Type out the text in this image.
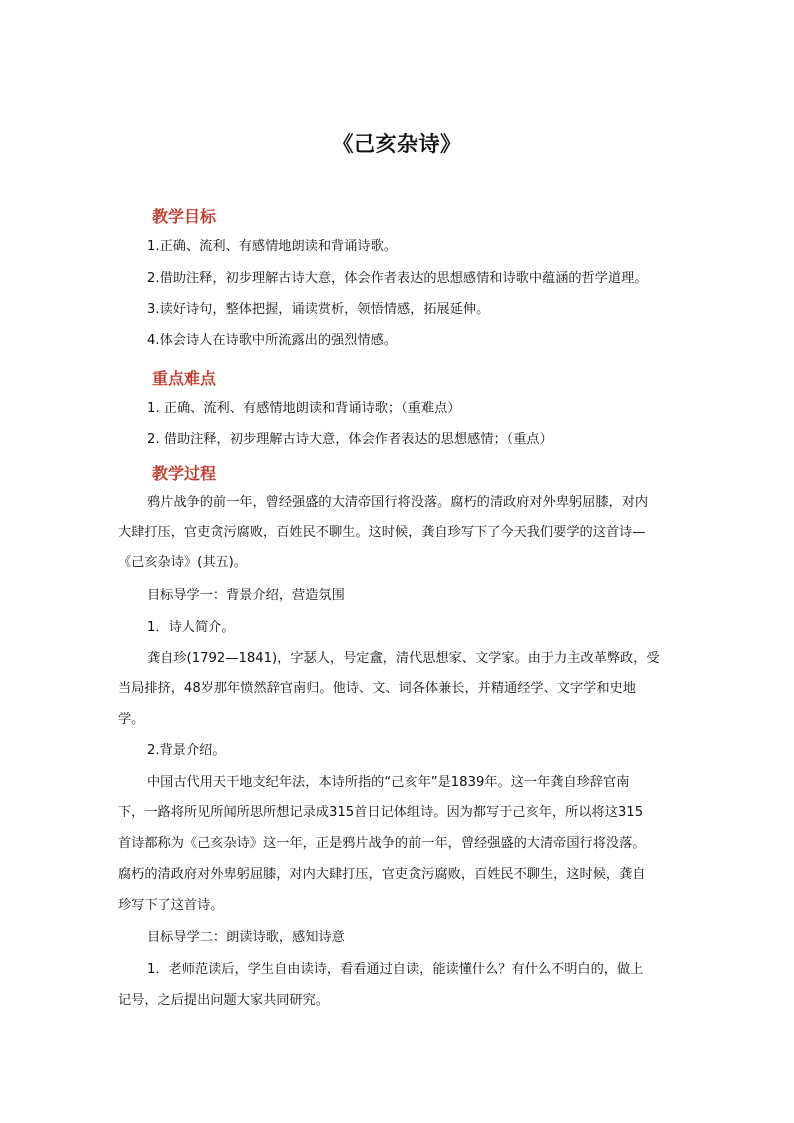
《己亥杂诗》
教学目标
1.正确、流利、有感情地朗读和背诵诗歌。
2.借助注释，初步理解古诗大意，体会作者表达的思想感情和诗歌中蕴涵的哲学道理。
3.读好诗句，整体把握，诵读赏析，领悟情感，拓展延伸。
4.体会诗人在诗歌中所流露出的强烈情感。
重点难点
1. 正确、流利、有感情地朗读和背诵诗歌；（重难点）
2. 借助注释，初步理解古诗大意，体会作者表达的思想感情；（重点）
教学过程
鸦片战争的前一年，曾经强盛的大清帝国行将没落。腐朽的清政府对外卑躬屈膝，对内
大肆打压，官吏贪污腐败，百姓民不聊生。这时候，龚自珍写下了今天我们要学的这首诗—
《己亥杂诗》(其五)。
目标导学一：背景介绍，营造氛围
1．诗人简介。
龚自珍(1792—1841)，字瑟人，号定盦，清代思想家、文学家。由于力主改革弊政，受
当局排挤，48岁那年愤然辞官南归。他诗、文、词各体兼长，并精通经学、文字学和史地
学。
2.背景介绍。
中国古代用天干地支纪年法，本诗所指的“己亥年”是1839年。这一年龚自珍辞官南
下，一路将所见所闻所思所想记录成315首日记体组诗。因为都写于己亥年，所以将这315
首诗都称为《己亥杂诗》这一年，正是鸦片战争的前一年，曾经强盛的大清帝国行将没落。
腐朽的清政府对外卑躬屈膝，对内大肆打压，官吏贪污腐败，百姓民不聊生，这时候，龚自
珍写下了这首诗。
目标导学二：朗读诗歌，感知诗意
1．老师范读后，学生自由读诗，看看通过自读，能读懂什么？有什么不明白的，做上
记号，之后提出问题大家共同研究。
